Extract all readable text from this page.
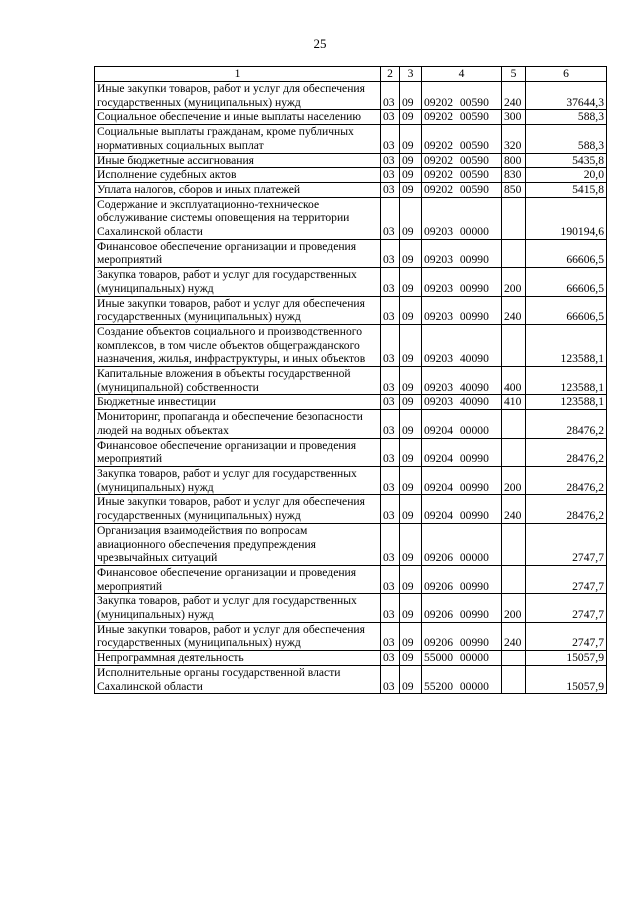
25
1	2	3	4	5	6
Иные закупки товаров, работ и услуг для обеспечения государственных (муниципальных) нужд	03	09	09202 00590	240	37644,3
Социальное обеспечение и иные выплаты населению	03	09	09202 00590	300	588,3
Социальные выплаты гражданам, кроме публичных нормативных социальных выплат	03	09	09202 00590	320	588,3
Иные бюджетные ассигнования	03	09	09202 00590	800	5435,8
Исполнение судебных актов	03	09	09202 00590	830	20,0
Уплата налогов, сборов и иных платежей	03	09	09202 00590	850	5415,8
Содержание и эксплуатационно-техническое обслуживание системы оповещения на территории Сахалинской области	03	09	09203 00000		190194,6
Финансовое обеспечение организации и проведения мероприятий	03	09	09203 00990		66606,5
Закупка товаров, работ и услуг для государственных (муниципальных) нужд	03	09	09203 00990	200	66606,5
Иные закупки товаров, работ и услуг для обеспечения государственных (муниципальных) нужд	03	09	09203 00990	240	66606,5
Создание объектов социального и производственного комплексов, в том числе объектов общегражданского назначения, жилья, инфраструктуры, и иных объектов	03	09	09203 40090		123588,1
Капитальные вложения в объекты государственной (муниципальной) собственности	03	09	09203 40090	400	123588,1
Бюджетные инвестиции	03	09	09203 40090	410	123588,1
Мониторинг, пропаганда и обеспечение безопасности людей на водных объектах	03	09	09204 00000		28476,2
Финансовое обеспечение организации и проведения мероприятий	03	09	09204 00990		28476,2
Закупка товаров, работ и услуг для государственных (муниципальных) нужд	03	09	09204 00990	200	28476,2
Иные закупки товаров, работ и услуг для обеспечения государственных (муниципальных) нужд	03	09	09204 00990	240	28476,2
Организация взаимодействия по вопросам авиационного обеспечения предупреждения чрезвычайных ситуаций	03	09	09206 00000		2747,7
Финансовое обеспечение организации и проведения мероприятий	03	09	09206 00990		2747,7
Закупка товаров, работ и услуг для государственных (муниципальных) нужд	03	09	09206 00990	200	2747,7
Иные закупки товаров, работ и услуг для обеспечения государственных (муниципальных) нужд	03	09	09206 00990	240	2747,7
Непрограммная деятельность	03	09	55000 00000		15057,9
Исполнительные органы государственной власти Сахалинской области	03	09	55200 00000		15057,9
